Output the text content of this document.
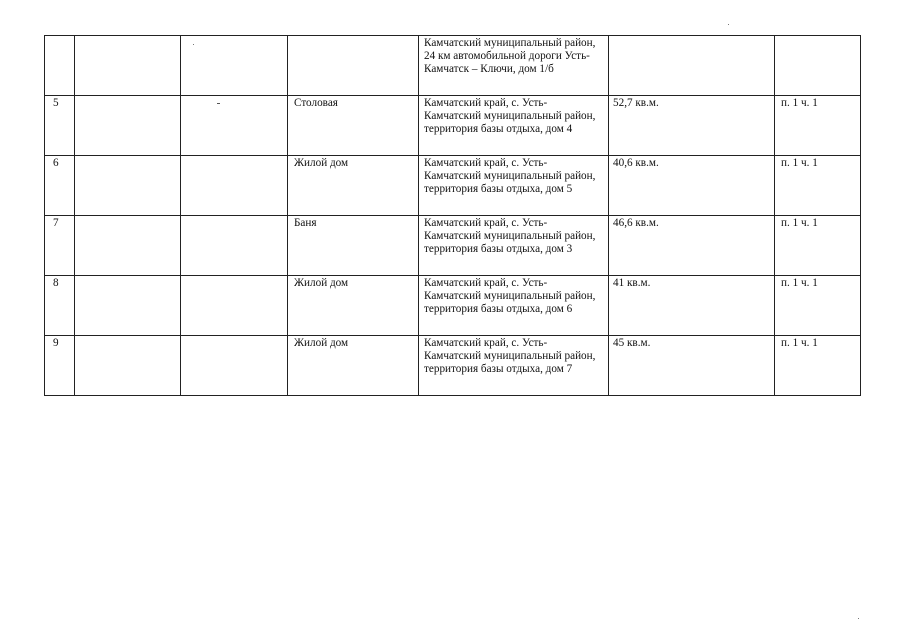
				Камчатский муниципальный район, 24 км автомобильной дороги Усть-Камчатск – Ключи, дом 1/б		
5			Столовая	Камчатский край, с. Усть-Камчатский муниципальный район, территория базы отдыха, дом 4	52,7 кв.м.	п. 1 ч. 1
6			Жилой дом	Камчатский край, с. Усть-Камчатский муниципальный район, территория базы отдыха, дом 5	40,6 кв.м.	п. 1 ч. 1
7			Баня	Камчатский край, с. Усть-Камчатский муниципальный район, территория базы отдыха, дом 3	46,6 кв.м.	п. 1 ч. 1
8			Жилой дом	Камчатский край, с. Усть-Камчатский муниципальный район, территория базы отдыха, дом 6	41 кв.м.	п. 1 ч. 1
9			Жилой дом	Камчатский край, с. Усть-Камчатский муниципальный район, территория базы отдыха, дом 7	45 кв.м.	п. 1 ч. 1
